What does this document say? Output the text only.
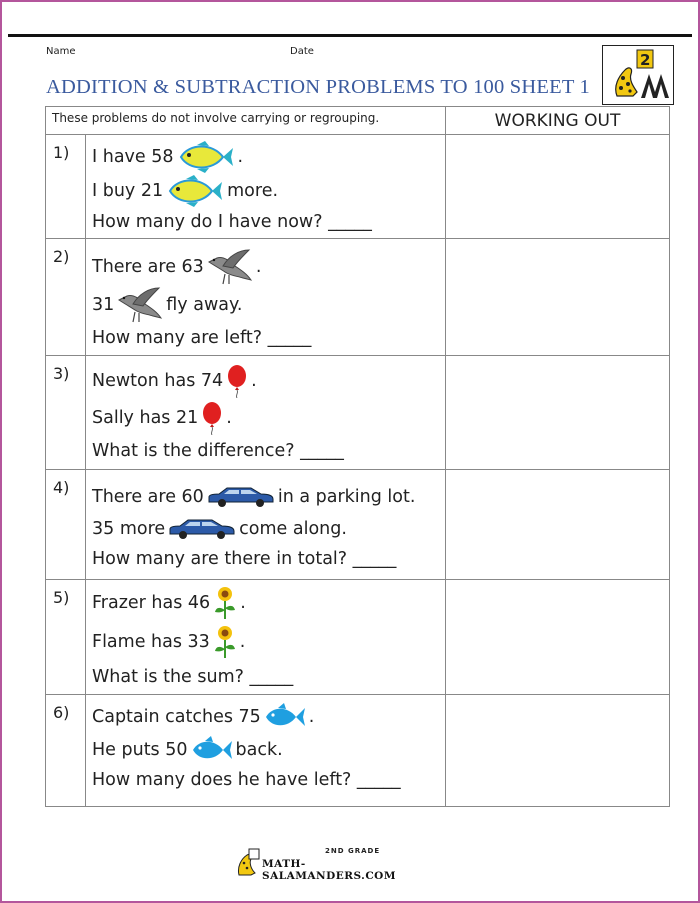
Name	Date
ADDITION & SUBTRACTION PROBLEMS TO 100 SHEET 1
2
These problems do not involve carrying or regrouping.		WORKING OUT
1)	I have 58 .
I buy 21 more.
How many do I have now? _____	

2)	There are 63 .
31 fly away.
How many are left? _____	

3)	Newton has 74 .
Sally has 21 .
What is the difference? _____	

4)	There are 60 in a parking lot.
35 more come along.
How many are there in total? _____	

5)	Frazer has 46 .
Flame has 33 .
What is the sum? _____	

6)	Captain catches 75 .
He puts 50 back.
How many does he have left? _____	

2ND GRADE
MATH-SALAMANDERS.COM
